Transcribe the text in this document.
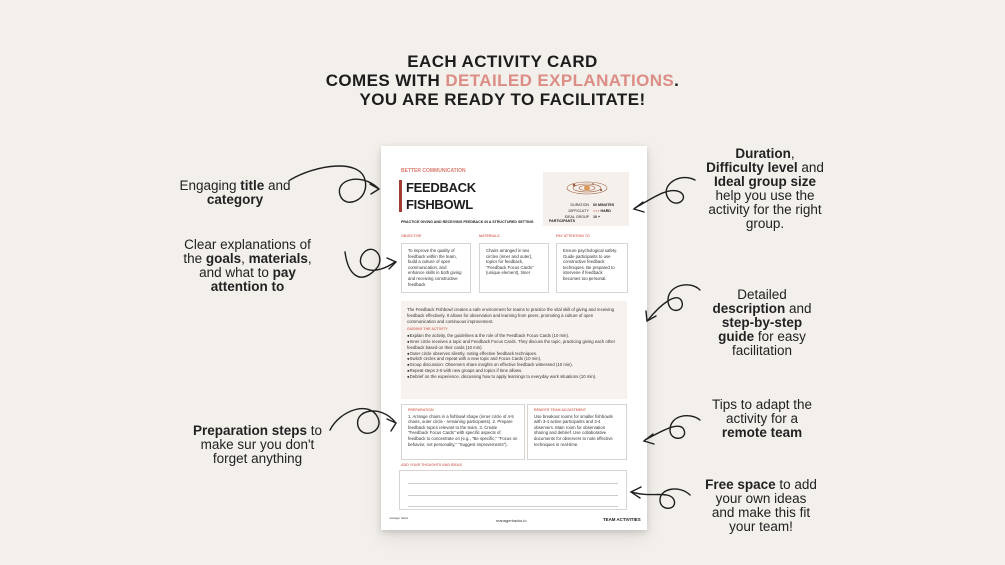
EACH ACTIVITY CARD
COMES WITH DETAILED EXPLANATIONS.
YOU ARE READY TO FACILITATE!
BETTER COMMUNICATION
FEEDBACK
FISHBOWL
PRACTICE GIVING AND RECEIVING FEEDBACK IN A STRUCTURED SETTING
DURATION 60 MINUTES
DIFFICULTY ●●● HARD
IDEAL GROUP 10 + PARTICIPANTS
OBJECTIVE	MATERIALS	PAY ATTENTION TO
To improve the quality of feedback within the team, build a culture of open communication, and enhance skills in both giving and receiving constructive feedback
Chairs arranged in two circles (inner and outer), topics for feedback, "Feedback Focus Cards" (unique element), timer
Ensure psychological safety. Guide participants to use constructive feedback techniques. Be prepared to intervene if feedback becomes too personal.
The Feedback Fishbowl creates a safe environment for teams to practice the vital skill of giving and receiving feedback effectively. It allows for observation and learning from peers, promoting a culture of open communication and continuous improvement.
GUIDING THE ACTIVITY
● Explain the activity, the guidelines & the role of the Feedback Focus Cards (10 min).
● Inner circle receives a topic and Feedback Focus Cards. They discuss the topic, practicing giving each other feedback based on their cards (10 min).
● Outer circle observes silently, noting effective feedback techniques.
● Switch circles and repeat with a new topic and Focus Cards (10 min).
● Group discussion: Observers share insights on effective feedback witnessed (10 min).
● Repeat steps 2-5 with new groups and topics if time allows.
● Debrief on the experience, discussing how to apply learnings to everyday work situations (10 min).
PREPARATION
1. Arrange chairs in a fishbowl shape (inner circle of 4-5 chairs, outer circle - remaining participants). 2. Prepare feedback topics relevant to the team. 3. Create "Feedback Focus Cards" with specific aspects of feedback to concentrate on (e.g., "Be specific," "Focus on behavior, not personality," "Suggest improvements").
REMOTE TEAM ADJUSTMENT
Use breakout rooms for smaller fishbowls with 3-4 active participants and 3-4 observers. Main room for observation sharing and debrief. Use collaborative documents for observers to note effective techniques in real-time.
ADD YOUR THOUGHTS AND IDEAS
manager hacks	managerhacks.io	TEAM ACTIVITIES
Engaging title and
category
Clear explanations of
the goals, materials,
and what to pay
attention to
Preparation steps to
make sur you don't
forget anything
Duration,
Difficulty level and
Ideal group size
help you use the
activity for the right
group.
Detailed
description and
step-by-step
guide for easy
facilitation
Tips to adapt the
activity for a
remote team
Free space to add
your own ideas
and make this fit
your team!
